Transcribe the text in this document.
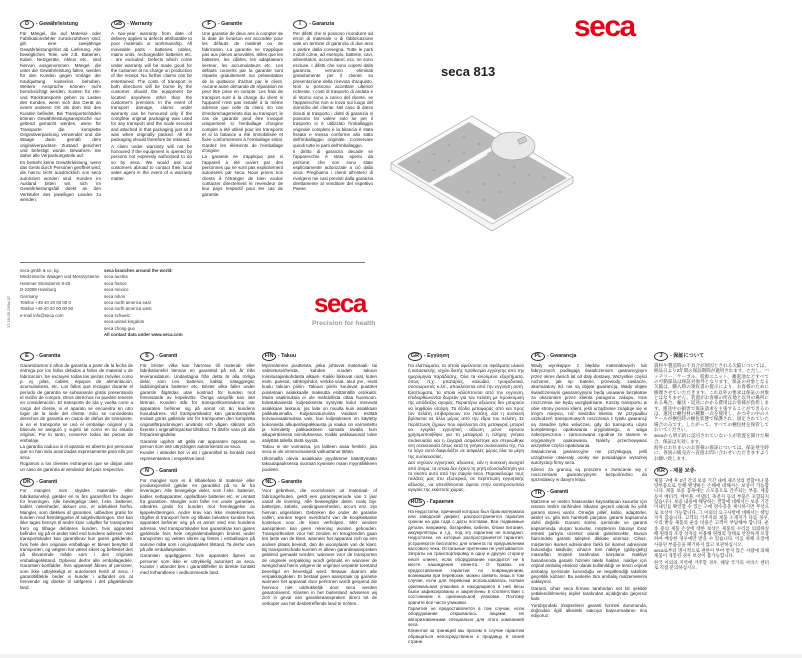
D	- Gewährleistung

Für Mängel, die auf Material- oder Fabrikationsfehler zurückzuführen sind, gilt eine zweijährige Gewährleistungsfrist ab Lieferung. Alle beweglichen Teile, wie z.B. Batterien, Kabel, Netzgeräte, Akkus etc., sind hiervon ausgenommen. Mängel, die unter die Gewährleistung fallen, werden für den Kunden gegen Vorlage der Kaufquittung kostenlos behoben. Weitere Ansprüche können nicht berücksichtigt werden. Kosten für Hin- und Rücktransporte gehen zu Lasten des Kunden, wenn sich das Gerät an einem anderen Ort als dem Sitz des Kunden befindet. Bei Transportschäden können Gewährleistungsansprüche nur geltend gemacht werden, wenn für Transporte die komplette Originalverpackung verwendet und die Waage darin gemäß dem originalverpackten Zustand gesichert und befestigt wurde. Bewahren Sie daher alle Verpackungsteile auf.

Es besteht keine Gewährleistung, wenn das Gerät durch Personen geöffnet wird, die hierzu nicht ausdrücklich von seca autorisiert worden sind. Kunden im Ausland bitten wir, sich im Gewährleistungsfall direkt an den Verkäufer des jeweiligen Landes zu wenden.

GB - Warranty

A two-year warranty from date of delivery applies to defects attributable to poor materials or workmanship. All moveable parts - batteries, cables, mains units, rechargeable batteries etc. - are excluded. Defects which come under warranty will be made good for the customer at no charge on production of the receipt. No further claims can be entertained. The costs of transport in both directions will be borne by the customer should the equipment be located anywhere other than the customer's premises. In the event of transport damage, claims under warranty can be honoured only if the complete original packaging was used for any transport and the scale secured and attached in that packaging just as it was when originally packed. All the packaging should therefore be retained.

A claim under warranty will not be honoured if the equipment is opened by persons not expressly authorised to do so by seca. We would ask our customers abroad to contact their local sales agent in the event of a warranty matter.

F	- Garantie

Une garantie de deux ans à compter de la date de livraison est accordée pour les défauts de matériel ou de fabrication. La garantie ne s'applique pas aux pièces amovibles, telles que les batteries, les câbles, les adaptateurs secteur, les accumulateurs etc. Les défauts couverts par la garantie sont réparés gratuitement sur présentation de la quittance d'achat par le client. Aucune autre demande de réparation ne peut être prise en compte. Les frais de transport sont à la charge du client si l'appareil n'est pas installé à la même adresse que celle du client. En cas d'endommagements dus au transport, le cas de garantie peut être invoqué uniquement si l'emballage d'origine complet a été utilisé pour les transports et si la balance a été immobilisée et fixée conformément à l'emballage initial. Gardez les éléments de l'emballage d'origine.

La garantie ne s'applique pas si l'appareil a été ouvert par des personnes qui ne sont pas explicitement autorisées par seca. Nous prions nos clients à l'étranger de bien vouloir contacter directement le revendeur de leur pays respectif pour les cas de garantie.

I	- Garanzia

Per difetti che si possono ricondurre ad errori di materiale o di fabbricazione vale un termine di garanzia di due anni a partire dalla consegna. Tutte le parti mobili come, ad esempio, batterie, cavi, alimentatori, accumulatori, ecc. ne sono escluse. I difetti che sono coperti dalla garanzia, verranno eliminati gratuitamente per il cliente su presentazione della ricevuta d'acquisto. Non si possono accettare ulteriori richieste. I costi di trasporto di andata e di ritorno sono a carico del cliente, se l'apparecchio non si trova sul luogo del domicilio del cliente. Nel caso di danni dovuti al trasporto i diritti di garanzia si possono far valere solo se per il trasporto si è utilizzato l'imballaggio originale completo e la bilancia è stata fissata e messa conforme allo stato dell'imballaggio originale. Conservare quindi tutte le parti dell'imballaggio.

Il diritto di garanzia decade se l'apparecchio è stato aperto da persone, che non sono state esplicitamente autorizzate a ciò dalla seca. Preghiamo i clienti all'estero di rivolgersi nei casi previsti dalla garanzia direttamente al venditore del rispettivo Paese.

seca
seca 813
17-10-05-263d-07
seca gmbh & co. kg.
Medizinische Waagen und Messsysteme
Hammer Steindamm 9-25
D-22089 Hamburg
Germany
Telefon +49 40 20 00 00 0
Telefax +49 40 20 00 00 50
e-mail info@seca.com
seca branches around the world:
seca austria
seca france
seca mexico
seca nihon
seca north america east
seca north america west
seca schweiz
seca united kingdom
seca zhong guo
All contact data under www.seca.com
seca
Precision for health
E	- Garantía

Garantizamos 2 años de garantía a partir de la fecha de entrega por los fallos debidos a fallos de material o de fabricación. Se excluyen todas las piezas móviles como p. ej. pilas, cables, equipos de alimentación, acumuladores, etc. Los fallos que recaigan durante el período de garantía se subsanarán gratis presentando el recibo de compra. Otros derechos no pueden tenerse en consideración. El transporte de ida y vuelta corre a cargo del cliente, si el aparato se encuentra en otro lugar de la sede del cliente. Sólo se concederán derechos de garantía en casos de daños de transporte, si en el transporte se usó el embalaje original y la báscula se aseguró y sujetó tal como en su estado original. Por lo tanto, conserve todas las piezas de embalaje.

La garantía caduca si el aparato es abierto por personas que no han sido autorizadas expresamente para ello por seca.

Rogamos a los clientes extranjeros que se dirijan ante un caso de garantía al vendedor del país respectivo.

DK - Garanti

For mangler, som skyldes materiale- eller fabrikationsfejl, gælder en to års garantifrist fra dagen for leveringen. Alle bevægelige dele, f.eks. batterier, kabler, netenheder, akkuer osv., er udelukket herfra. Mangler, som dækkes af garantien, udbedres gratis for kunden mod fremlæggelse af salgskvitteringen. Der kan ikke tages hensyn til andre krav. Udgifter for transporten frem og tilbage debiteres kunden, hvis apparatet befinder sig på et andet sted end kundens adresse. Ved transportskader kan garantikrav kun gøres gældende, hvis hele den originale emballage er blevet benyttet til transporten, og vægten har været sikret og befæstet deri på tilsvarende måde som i den originale emballagetilstand. Opbevar derfor alle emballagedele. Garantien bortfalder, hvis apparatet åbnes af personer, som ikke udtrykkeligt er autoriseret hertil af seca. I garantitilfælde beder vi kunder i udlandet om at henvende sig direkte til sælgeren i det pågældende land.

S	- Garanti

För brister vilka kan härröras till material- eller fabrikationsfel lämnas en garantitid på två år från leveransdatum. Undantagna från detta är alla rörliga delar, som t.ex. batterier, kablar, nätaggregat, laddningsbara batterier etc. Brister vilka faller under garantin åtgärdas utan kostnad för kunden mot förevisande av köpekvitto. Övriga anspråk kan inte lämnas. Kunden står för transportkostnaderna när apparaten befinner sig på annat ort än kundens huvudadress. Vid transportskador kan garantianspråk endast göras gällande när för transporten den kompletta originalförpackningen används och vågen säkrats och fixerats i originalförpackat tillstånd. Ta därför vara på alla förpackningsdelar.

Garantin upphör att gälla när apparaten öppnats av person som inte uttryckligen auktoriserats av seca.

Kunder i utlandet ber vi att i garantifall ta kontakt med representanten i respektive land.

N	- Garanti

For mangler som er å tilbakeføre til material- eller produksjonsfeil gjelder en garantitid på to år fra leveringen. Alle bevegelige deler, som f.eks. batterier, kabler, nettapparater, oppladbare batterier etc. er unntatt fra garantien. Mangler som faller inn under garantien, utbedres gratis for kunden mot fremleggelse av kjøpekvitteringen. Andre krav kan ikke imøtekommes. Utgifter til transport frem og tilbake belastes kunden hvis apparatet befinner seg på et annet sted enn kundens adresse. Ved transportskader kan garantikrav kun gjøres gjeldende hvis hele originalemballasjen brukes under transporten og vekten sikres og festes i emballasjen på samme måte som i originalpakket tilstand. Ta derfor vare på alle emballasjedeler.

Garantien oppdiggjøres hvis apparatet åpnes av personer som ikke er uttrykkelig autorisert av seca. Kunder i utlandet bes i garantitilfeller ta direkte kontakt med forhandleren i vedkommende land.

FIN - Takuu

Myönnämme puutteista, jotka johtuvat materiaali- tai valmistusvirheistä, kahden vuoden takuun toimitusajankohdasta alkaen. Kaikki liikkuvat osat, kuten esim. paristot, sähköjohdot, verkko-osat, akut jne., eivät kuulu takuun piiriin. Takuun piiriin kuuluvat puutteet poistetaan asiakkaalle maksutta esittämällä ostokuitti. Muita vaatimuksia ei ole mahdollista ottaa huomioon. Edestakaisesta kuljetuksesta syntyvät kulut menevät asiakkaan laskuun, jos laite on muulla kuin asiakkaan paikkakunnalla. Kuljetusvaurioista voidaan esittää korvausvaatimuksia vain, kun kuljetukseen on käytetty kokonaista alkuperäispakkausta ja vaaka on varmistettu ja kiinnitetty pakkaukseen samalla tavalla kuin alkuperäisessä toimituksessa. Kaikki pakkausosat tulee säilyttää tallella tästä syystä.

Takuu ei ole voimassa, jos laitteen avaa henkilö, jota seca ei ole nimenomaisesti valtuuttanut tähän.

Ulkomailla olevia asiakkaita pyydämme käänttymään takuutapauksessa suoraan kyseisen maan myyntiliikkeen puoleen.

NL	- Garantie

Voor gebreken, die voortvloeien uit materiaal- of fabricagefouten, geldt een garantieperiode van 2 jaar vanaf de levering. Alle beweeglijke delen zoals bijv. batterijen, kabels, voedingseenheden, accu's enz. zijn hiervan uitgesloten. Gebreken die onder de garantie vallen, worden tegen overdracht van de koopkwitantie kosteloos voor de klant verholpen. Met verdere aanspraken kan geen rekening worden gehouden. Transportkosten voor het zenden en terugzenden gaan ten laste van de klant, wanneer het apparaat zich op een andere plaats bevindt, dan de woonplaats van de klant. Bij transportschade kunnen er alleen garantieaanspraken geldend gemaakt worden, wanneer voor de transporten de originele verpakking wordt gebruikt en wanneer de weegschaal hierin volgens de origineel verpakte toestand beveiligd en bevestigd werd. Bewaar daarom alle verpakkingdelen. Er bestaat geen aanspraak op garantie wanneer het apparaat door personen wordt geopend die hiervoor niet uitdrukkelijk door seca werden geautoriseerd. Klanten in het buitenland adviseren wij zich in geval van garantieaanspraken direct tot de verkoper van het desbetreffende land te richten.

GR - Εγγύηση

Για ελαττώματα, τα οποία οφείλονται σε σφάλματα υλικού ή κατασκευής, ισχύει διετής προθεσμία εγγύησης από την ημερομηνία παράδοσης. Όλα τα κινούμενα εξαρτήματα, όπως π.χ. μπαταρίες, καλώδια, τροφοδοτικά, συσσωρευτές κ.λπ., αποκλείονται από την εγγύηση αυτή. Ελαττώματα, τα οποία καλύπτονται από την εγγύηση, επιδιορθώνονται δωρεάν για τον πελάτη με προσκόμιση της απόδειξης αγοράς. Περαιτέρω αξιώσεις δεν μπορούν να ληφθούν υπόψη. Τα έξοδα μεταφοράς από και προς τον πελάτη επιβαρύνουν τον πελάτη, εάν η συσκευή βρίσκεται σε άλλο μέρος από την έδρα του πελάτη. Σε περίπτωση ζημιών που οφείλονται στη μεταφορά, μπορεί να εγερθεί εγγυητική αξίωση μόνο εφόσον χρησιμοποιήθηκε για τη μεταφορά η πλήρης γνήσια συσκευασία και η ζυγαριά ασφαλίστηκε και στερεώθηκε στη συσκευασία όπως κατά τη γνήσια συσκευασία της. Για το λόγο αυτό διαφυλάξτε σε ασφαλές μέρος όλα τα μέρη της συσκευασίας.

Δεν ισχύουν εγγυητικές αξιώσεις, εάν η συσκευή ανοιχτεί από άτομα, τα οποία δεν έχουν τη ρητή εξουσιοδότηση για το σκοπό αυτό από την εταιρία seca. Παρακαλούμε τους πελάτες μας στο εξωτερικό, σε περίπτωση εγγυητικής αξίωσης, να απευθύνονται άμεσα στην αντιπροσωπεία αγοράς της εκάστοτε χώρας.

RUS - Гарантия

На недостатки, причиной которых был брак материала или заводской дефект, распространяется гарантия сроком на два года с даты поставки. Все подвижные детали, например, батарейки, кабели, блоки питания, аккумуляторы и т.д., под эту гарантию не попадают. Недостатки, на которые распространяется гарантия, устраняются бесплатно для клиента по предъявлении кассового чека. Остальные претензии не учитываются. Затраты на транспортировку в одну и другую сторону несет клиент, если оборудование находится не в месте нахождения клиента. О правах на предоставление гарантии по повреждениям, возникшим при перевозке, можно заявить лишь в том случае, если для перевозки использовалась полная оригинальная упаковка и находящиеся в ней весы были зафиксированы и закреплены в соответствии с состоянием в оригинальной упаковке. Поэтому храните все части упаковки.

Гарантия не предоставляется в том случае, если оборудование открывалось лицами, не авторизованными специально для этого компанией seca.

Клиентов за границей мы просим в случае гарантии обращаться непосредственно к продавцу в своей стране.

PL	- Gwarancja

Wady wynikające z błędów materiałowych lub fabrycznych podlegają świadczeniom gwarancyjnym przez okres dwóch lat od daty dostawy. Wszystkie części ruchome, jak np. baterie, przewody, zasilacze, akumulatory itd. nie są objęte gwarancją. Wady objęte świadczeniami gwarancyjnymi będą usuwane bezpłatnie za okazaniem przez klienta paragonu zakupu. Inne roszczenia nie będą uwzględniane. Koszty transportu w obie strony ponosi klient, jeśli urządzenie znajduje się w innym miejscu, niż siedziba klienta. W przypadku uszkodzeń transportowych roszczenia z tytułu gwarancji są zasadne tylko wówczas, gdy do transportu użyto kompletnego opakowania oryginalnego, a waga zabezpieczona i zamocowana zgodnie ze stanem w oryginalnym opakowaniu. Należy przechowywać wszystkie części opakowania.

Świadczenia gwarancyjne nie przysługują, jeśli urządzenie otwierały osoby nie posiadające wyraźnej autoryzacji firmy seca.

Klienci za granicą są proszeni o zwracanie się z roszczeniami gwarancyjnymi bezpośrednio do sprzedawcy w danym kraju.

TR	- Garanti

Malzeme ve üretim hatasından kaynaklanan kusurlar için ürünün teslim tarihinden itibaren geçerli olacak iki yıllık garanti süresi vardır. Örneğin piller, kablo, adaptörler, aküler vs. gibi tüm hareketli parçalar, garanti kapsamına dahil değildir. Garanti süresi içerisinde ve garanti kapsamında oluşan kusurlar, müşterinin faturayı ibraz etmesi şartıyla ücretsiz olarak giderilecektir. Bunun haricindeki garanti talepleri dikkate alınmaz. Cihaz, müşterinin ikamet adresinden farklı bir ikamet adresinde bulunduğu takdirde, cihazın tüm nakliye (gidiş-geliş) masrafları müşteri tarafından karşılanır. Nakliye hasarlarında garanti hizmeti talebi hakları, nakliye için orijinal ambalaj eksiksiz olarak kullanıldığı ve terazi orijinal ambalajı içerisinde korunduğu ve tespitlendiği takdirde geçerlilik kazanır. Bu nedenle tüm ambalaj malzemelerini saklayınız.

Garanti, cihaz seca firması tarafından net bir şekilde yetkilendirilmemiş kişiler tarafından açıldığında geçersiz kalır.

Yurtdışındaki müşterilerin garanti hizmeti durumunda, doğrudan ilgili ülkedeki satıcıya başvurmalarını rica ediyoruz.

J	- 保証について

資材や製造時の不具合が原因とされる欠陥については、納品日より2年間の保証期間が適用されます。ただし、バッテリー、ケーブル、電源ユニット、蓄電池などすべての可動部品は保証対象外となります。保証の対象となる欠陥は、購入時の領収書の提示により、お客様のために修理させていただきます。これ以外の要求は保証の対象とはなりません。装置がお客様の所在地と以外の場所にある場合、輸送・返送にかかる費用はお客様が負担します。運送中の損害で保証請求を主張することができるのは、運送に梱包材の種類一式を使用し、かつその中のスケールが梱包時の梱包状態で保護され、固定されていた場合のみです。したがって、すべての梱包材を保管しておいてください。

secaから明示的に認可されていない人が装置を開けた場合、保証は失効します。

海外にお住まいのお客様の保証については、保証発生時に、各国の販売店へ直接お問い合わせいただきますようお願い致します。

KR - 제품 보증-

제품 구매 후 2년 간의 보증 기간 내에 제조상의 결함이나 불량부품으로 인해 발생하는 손해에 대해서는 보상이 가능합니다. 제품 보증 품목에는 소모품으로 간주되는 부품, 제품 등이 배터리, 케이블, 어댑터, 축전지 등의 부품은 포함되지 않습니다. 보증 내용에 해당하는 결함에 대해서는 보증 기간 이내인를 확인할 수 있는 구매 영수증을 제시하시면 무상으로 보상이 가능합니다. 그 이외의 요구사항에 대해서는 책임지지 않습니다. 고객의 거주지와 제품 소재지가 다를 경우, 수리 발송 제품의 운송 비용은 고객이 부담해야 합니다. 운송 중의 제품 손상에 대한 보상은 제품의 수리를 의뢰하실 때 원래의 포장 상자를 이용해 원래의 상태로 안전하게 포장하여 배송한 경우에만 받을 수 있습니다. 이를 위해 포장에 사용된 부품들을 폐기하지 않고 보관하십시오.

seca로부터 명시적으로 권한이 부여 받지 않은 사람에 의해 제품이 개봉된 경우 보상이 불가능합니다.

한국 이외의 지역에 거주할 경우, 해당 국가의 서비스 센터로 직접 문의하십시오.
